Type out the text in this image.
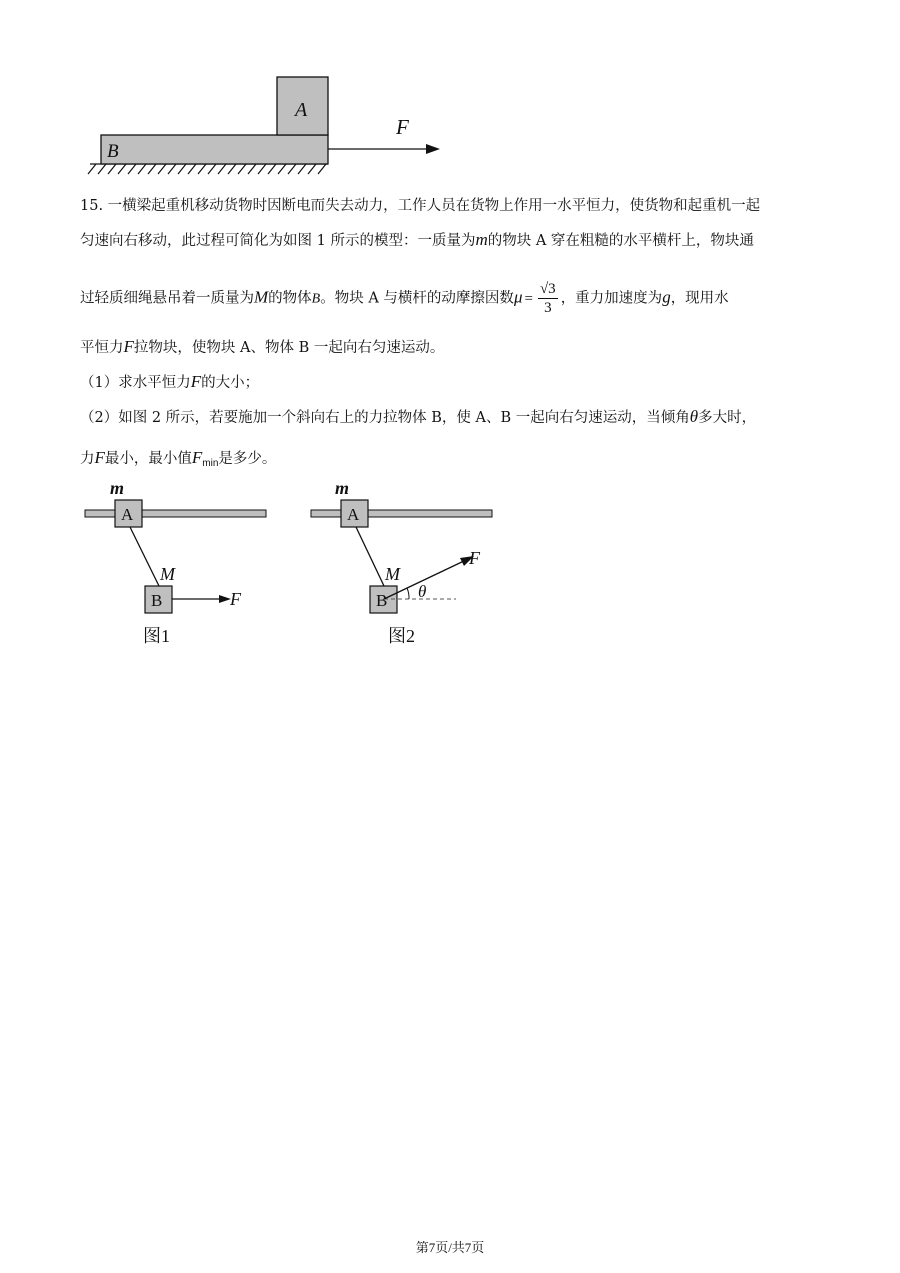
A
B
F
15. 一横梁起重机移动货物时因断电而失去动力，工作人员在货物上作用一水平恒力，使货物和起重机一起
匀速向右移动，此过程可简化为如图 1 所示的模型：一质量为m的物块 A 穿在粗糙的水平横杆上，物块通
过轻质细绳悬吊着一质量为M的物体B。物块 A 与横杆的动摩擦因数$\mu = \frac{√3}{3}$ ，重力加速度为g，现用水
平恒力F拉物块，使物块 A、物体 B 一起向右匀速运动。
（1）求水平恒力F的大小；
（2）如图 2 所示，若要施加一个斜向右上的力拉物体 B，使 A、B 一起向右匀速运动，当倾角θ多大时，
力F最小，最小值$F_{min}$是多少。
A
m
M
B	F
图1
A
m
M
B θ
F
图2
第7页/共7页
